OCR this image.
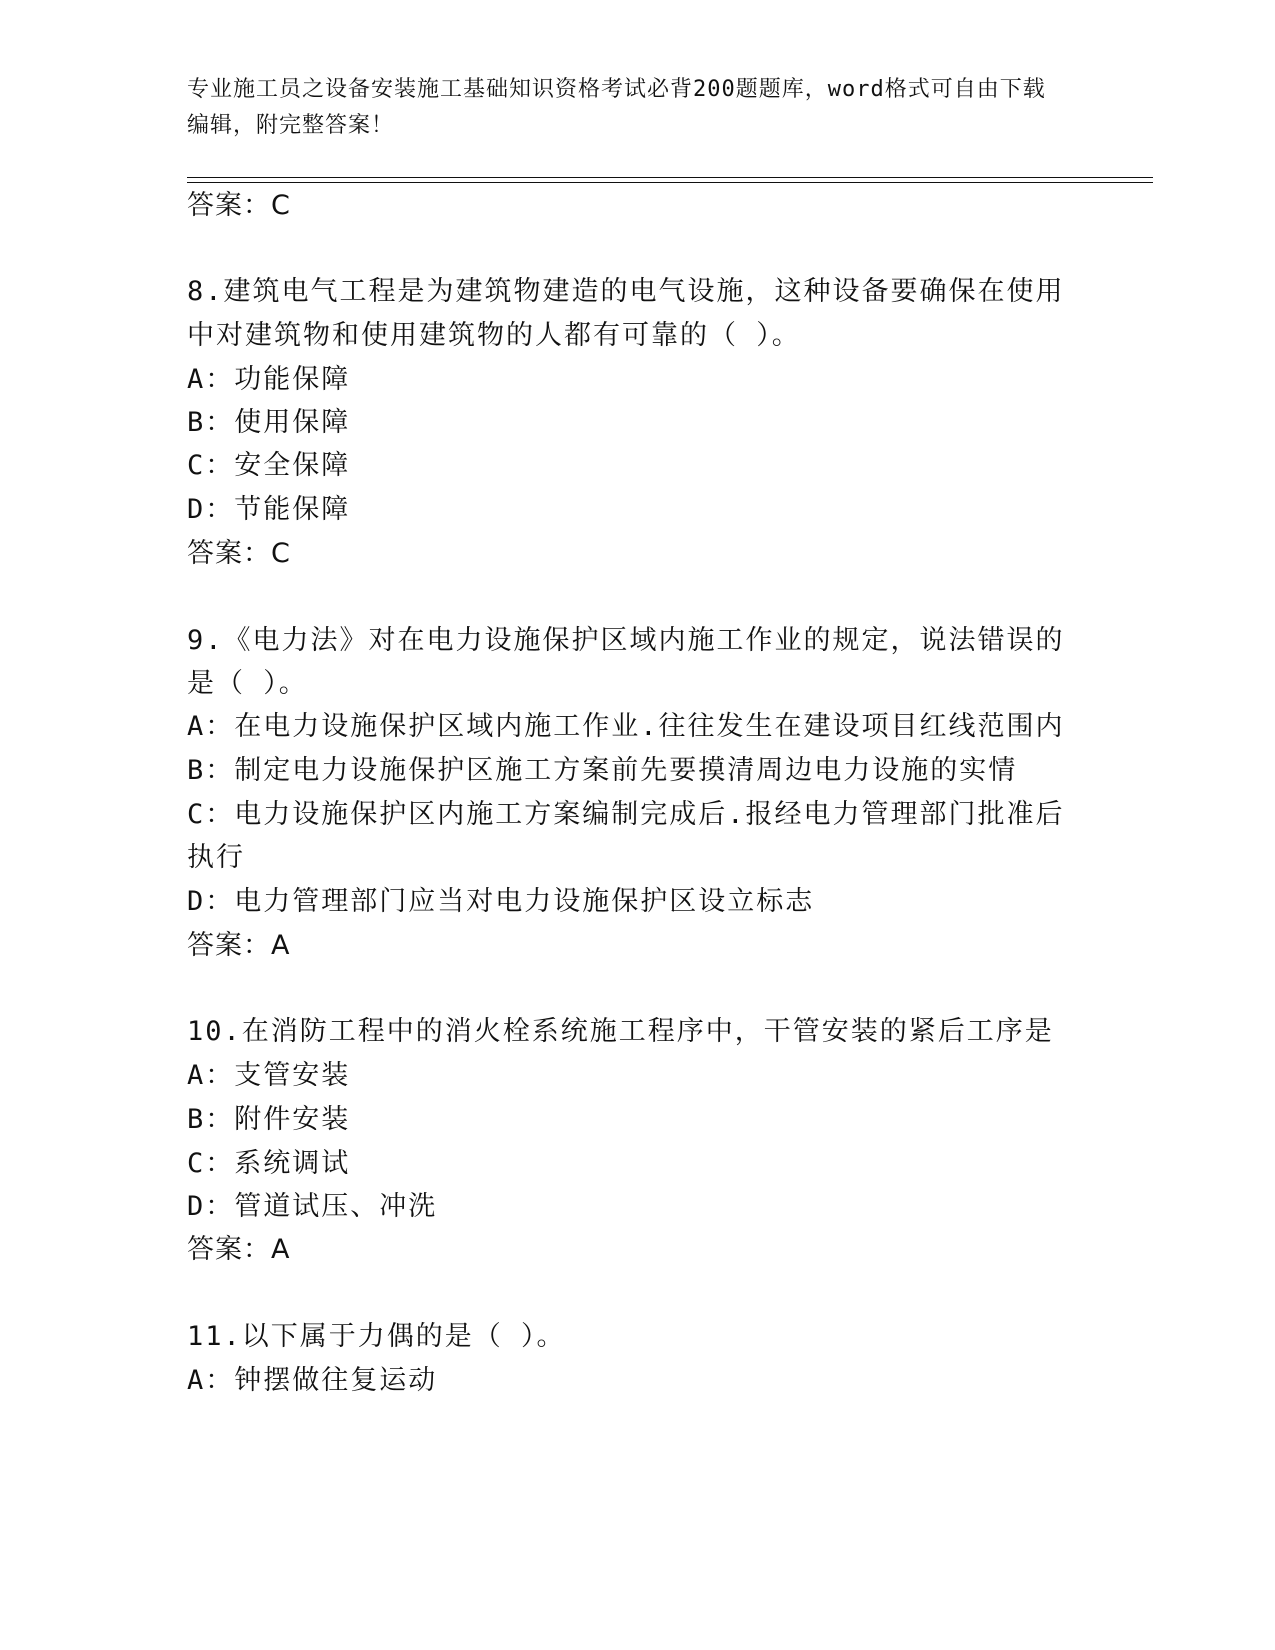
专业施工员之设备安装施工基础知识资格考试必背200题题库，word格式可自由下载编辑，附完整答案！
答案：C
8.建筑电气工程是为建筑物建造的电气设施，这种设备要确保在使用
中对建筑物和使用建筑物的人都有可靠的（ ）。
A：功能保障
B：使用保障
C：安全保障
D：节能保障
答案：C
9.《电力法》对在电力设施保护区域内施工作业的规定，说法错误的
是（ ）。
A：在电力设施保护区域内施工作业.往往发生在建设项目红线范围内
B：制定电力设施保护区施工方案前先要摸清周边电力设施的实情
C：电力设施保护区内施工方案编制完成后.报经电力管理部门批准后
执行
D：电力管理部门应当对电力设施保护区设立标志
答案：A
10.在消防工程中的消火栓系统施工程序中，干管安装的紧后工序是
A：支管安装
B：附件安装
C：系统调试
D：管道试压、冲洗
答案：A
11.以下属于力偶的是（ ）。
A：钟摆做往复运动
